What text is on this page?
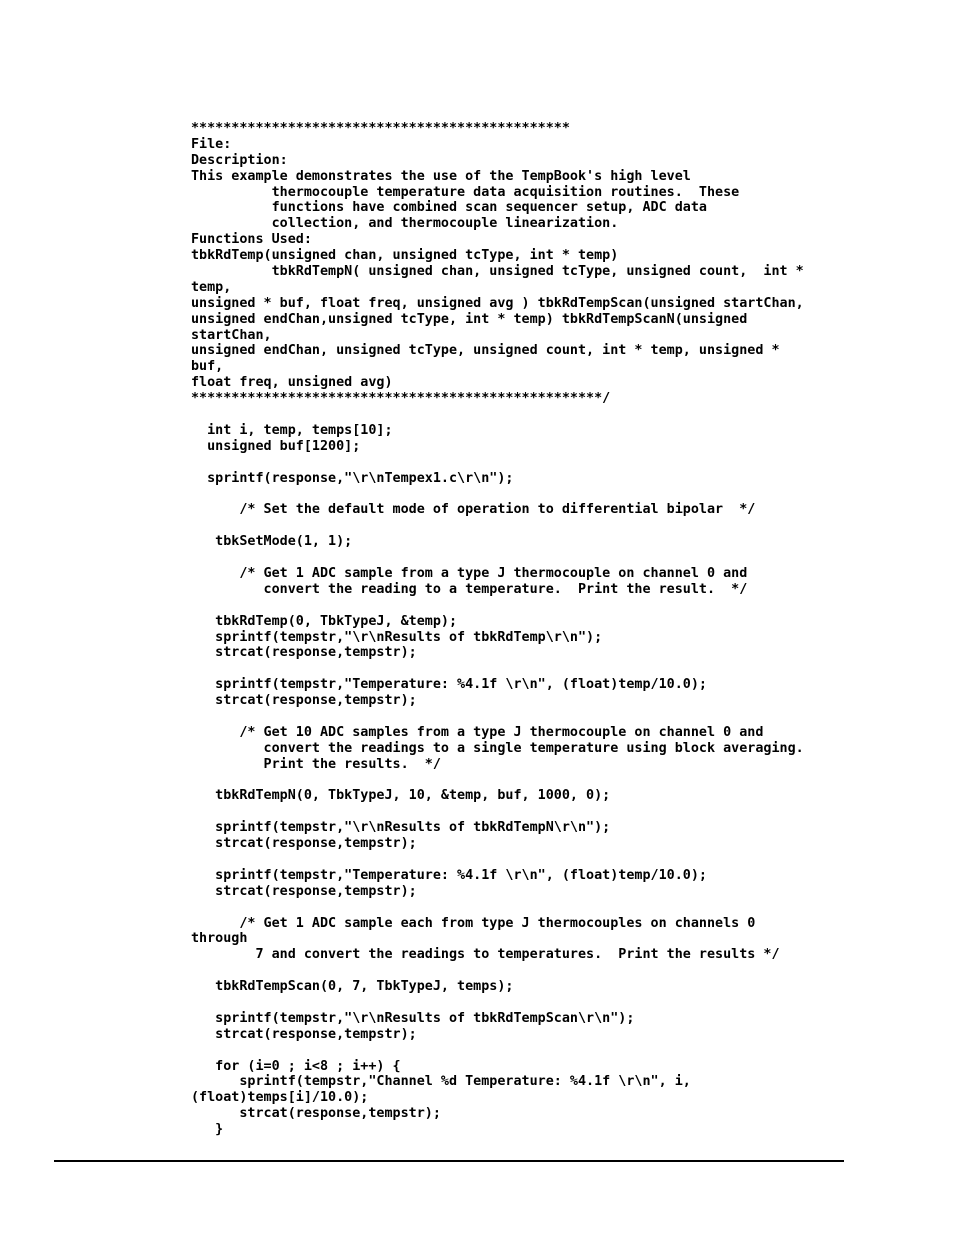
***********************************************
File:
Description:
This example demonstrates the use of the TempBook's high level
thermocouple temperature data acquisition routines.  These
functions have combined scan sequencer setup, ADC data
collection, and thermocouple linearization.
Functions Used:
tbkRdTemp(unsigned chan, unsigned tcType, int * temp)
tbkRdTempN( unsigned chan, unsigned tcType, unsigned count,  int *
temp,
unsigned * buf, float freq, unsigned avg ) tbkRdTempScan(unsigned startChan,
unsigned endChan,unsigned tcType, int * temp) tbkRdTempScanN(unsigned
startChan,
unsigned endChan, unsigned tcType, unsigned count, int * temp, unsigned *
buf,
float freq, unsigned avg)
***************************************************/
int i, temp, temps[10];
unsigned buf[1200];
sprintf(response,"\r\nTempex1.c\r\n");
/* Set the default mode of operation to differential bipolar  */
tbkSetMode(1, 1);
/* Get 1 ADC sample from a type J thermocouple on channel 0 and
convert the reading to a temperature.  Print the result.  */
tbkRdTemp(0, TbkTypeJ, &temp);
sprintf(tempstr,"\r\nResults of tbkRdTemp\r\n");
strcat(response,tempstr);
sprintf(tempstr,"Temperature: %4.1f \r\n", (float)temp/10.0);
strcat(response,tempstr);
/* Get 10 ADC samples from a type J thermocouple on channel 0 and
convert the readings to a single temperature using block averaging.
Print the results.  */
tbkRdTempN(0, TbkTypeJ, 10, &temp, buf, 1000, 0);
sprintf(tempstr,"\r\nResults of tbkRdTempN\r\n");
strcat(response,tempstr);
sprintf(tempstr,"Temperature: %4.1f \r\n", (float)temp/10.0);
strcat(response,tempstr);
/* Get 1 ADC sample each from type J thermocouples on channels 0
through
7 and convert the readings to temperatures.  Print the results */
tbkRdTempScan(0, 7, TbkTypeJ, temps);
sprintf(tempstr,"\r\nResults of tbkRdTempScan\r\n");
strcat(response,tempstr);
for (i=0 ; i<8 ; i++) {
sprintf(tempstr,"Channel %d Temperature: %4.1f \r\n", i,
(float)temps[i]/10.0);
strcat(response,tempstr);
}
